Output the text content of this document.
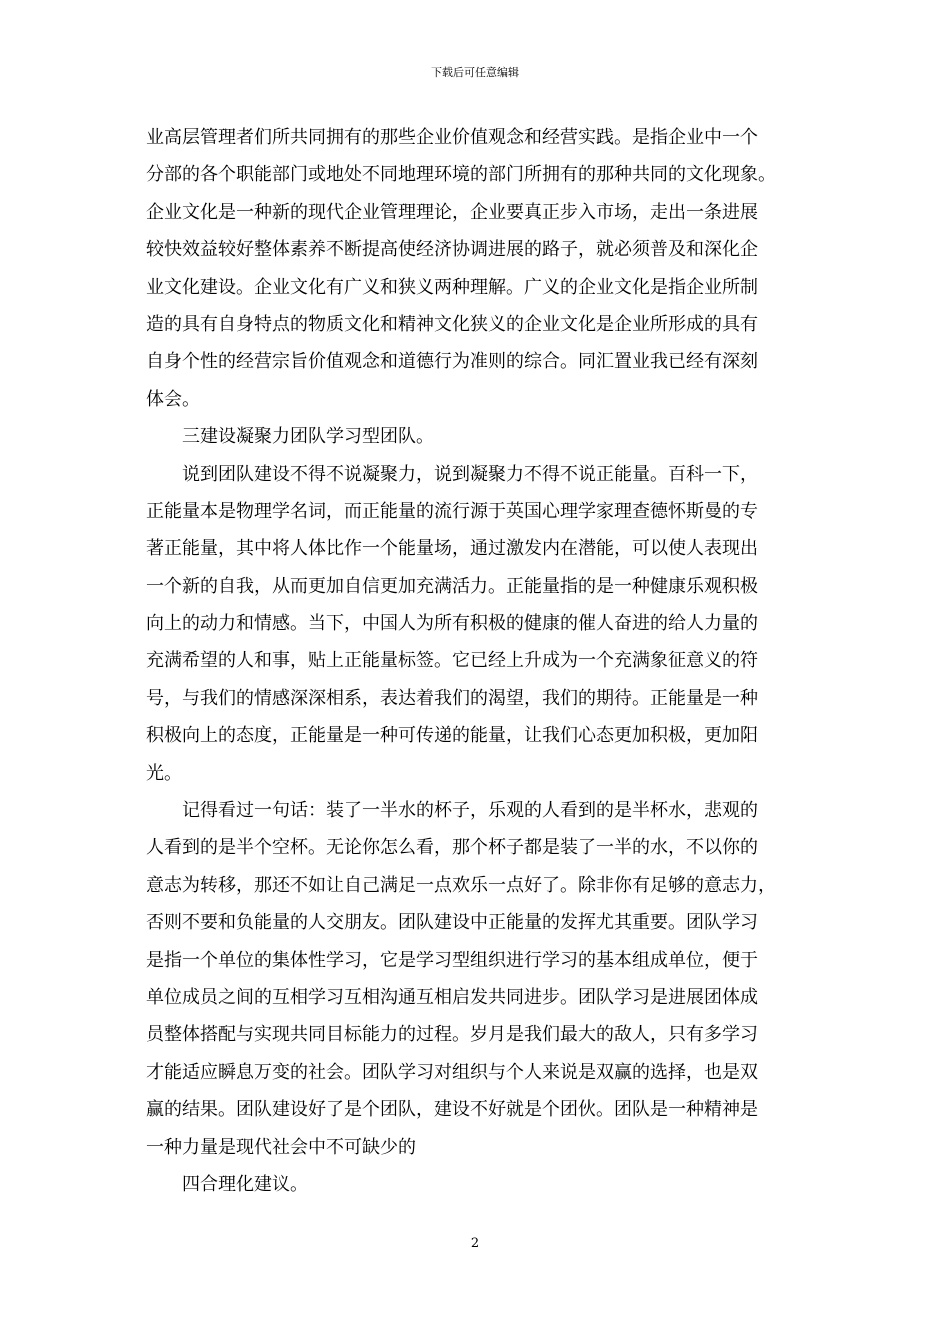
下载后可任意编辑
业高层管理者们所共同拥有的那些企业价值观念和经营实践。是指企业中一个
分部的各个职能部门或地处不同地理环境的部门所拥有的那种共同的文化现象。
企业文化是一种新的现代企业管理理论，企业要真正步入市场，走出一条进展
较快效益较好整体素养不断提高使经济协调进展的路子，就必须普及和深化企
业文化建设。企业文化有广义和狭义两种理解。广义的企业文化是指企业所制
造的具有自身特点的物质文化和精神文化狭义的企业文化是企业所形成的具有
自身个性的经营宗旨价值观念和道德行为准则的综合。同汇置业我已经有深刻
体会。
三建设凝聚力团队学习型团队。
说到团队建设不得不说凝聚力，说到凝聚力不得不说正能量。百科一下，
正能量本是物理学名词，而正能量的流行源于英国心理学家理查德怀斯曼的专
著正能量，其中将人体比作一个能量场，通过激发内在潜能，可以使人表现出
一个新的自我，从而更加自信更加充满活力。正能量指的是一种健康乐观积极
向上的动力和情感。当下，中国人为所有积极的健康的催人奋进的给人力量的
充满希望的人和事，贴上正能量标签。它已经上升成为一个充满象征意义的符
号，与我们的情感深深相系，表达着我们的渴望，我们的期待。正能量是一种
积极向上的态度，正能量是一种可传递的能量，让我们心态更加积极，更加阳
光。
记得看过一句话：装了一半水的杯子，乐观的人看到的是半杯水，悲观的
人看到的是半个空杯。无论你怎么看，那个杯子都是装了一半的水，不以你的
意志为转移，那还不如让自己满足一点欢乐一点好了。除非你有足够的意志力，
否则不要和负能量的人交朋友。团队建设中正能量的发挥尤其重要。团队学习
是指一个单位的集体性学习，它是学习型组织进行学习的基本组成单位，便于
单位成员之间的互相学习互相沟通互相启发共同进步。团队学习是进展团体成
员整体搭配与实现共同目标能力的过程。岁月是我们最大的敌人，只有多学习
才能适应瞬息万变的社会。团队学习对组织与个人来说是双赢的选择，也是双
赢的结果。团队建设好了是个团队，建设不好就是个团伙。团队是一种精神是
一种力量是现代社会中不可缺少的
四合理化建议。
2
